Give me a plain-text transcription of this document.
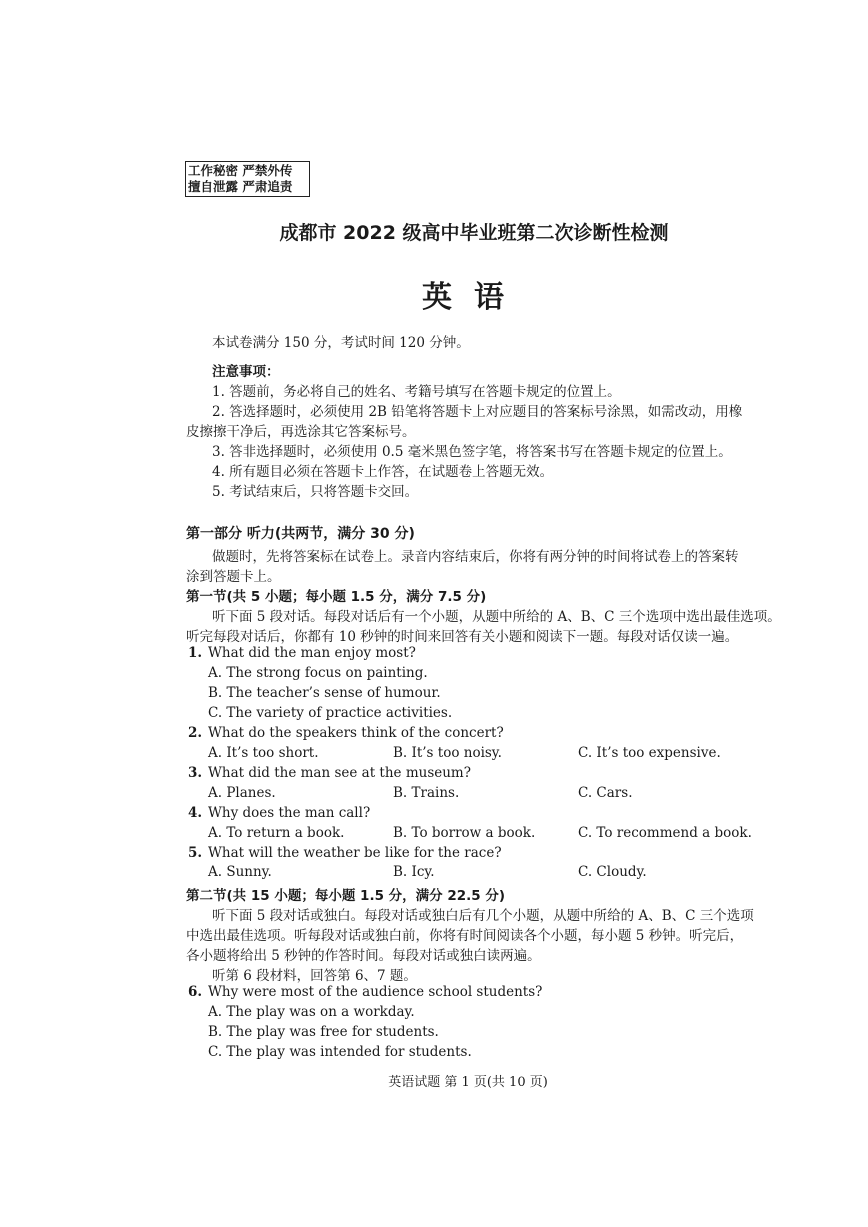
工作秘密 严禁外传
擅自泄露 严肃追责
成都市 2022 级高中毕业班第二次诊断性检测
英语
本试卷满分 150 分，考试时间 120 分钟。
注意事项：
1. 答题前，务必将自己的姓名、考籍号填写在答题卡规定的位置上。
2. 答选择题时，必须使用 2B 铅笔将答题卡上对应题目的答案标号涂黑，如需改动，用橡
皮擦擦干净后，再选涂其它答案标号。
3. 答非选择题时，必须使用 0.5 毫米黑色签字笔，将答案书写在答题卡规定的位置上。
4. 所有题目必须在答题卡上作答，在试题卷上答题无效。
5. 考试结束后，只将答题卡交回。
第一部分 听力(共两节，满分 30 分)
做题时，先将答案标在试卷上。录音内容结束后，你将有两分钟的时间将试卷上的答案转
涂到答题卡上。
第一节(共 5 小题；每小题 1.5 分，满分 7.5 分)
听下面 5 段对话。每段对话后有一个小题，从题中所给的 A、B、C 三个选项中选出最佳选项。
听完每段对话后，你都有 10 秒钟的时间来回答有关小题和阅读下一题。每段对话仅读一遍。
1. What did the man enjoy most?
A. The strong focus on painting.
B. The teacher’s sense of humour.
C. The variety of practice activities.
2. What do the speakers think of the concert?
A. It’s too short.	B. It’s too noisy.	C. It’s too expensive.
3. What did the man see at the museum?
A. Planes.	B. Trains.	C. Cars.
4. Why does the man call?
A. To return a book.	B. To borrow a book.	C. To recommend a book.
5. What will the weather be like for the race?
A. Sunny.	B. Icy.	C. Cloudy.
第二节(共 15 小题；每小题 1.5 分，满分 22.5 分)
听下面 5 段对话或独白。每段对话或独白后有几个小题，从题中所给的 A、B、C 三个选项
中选出最佳选项。听每段对话或独白前，你将有时间阅读各个小题，每小题 5 秒钟。听完后，
各小题将给出 5 秒钟的作答时间。每段对话或独白读两遍。
听第 6 段材料，回答第 6、7 题。
6. Why were most of the audience school students?
A. The play was on a workday.
B. The play was free for students.
C. The play was intended for students.
英语试题 第 1 页(共 10 页)
